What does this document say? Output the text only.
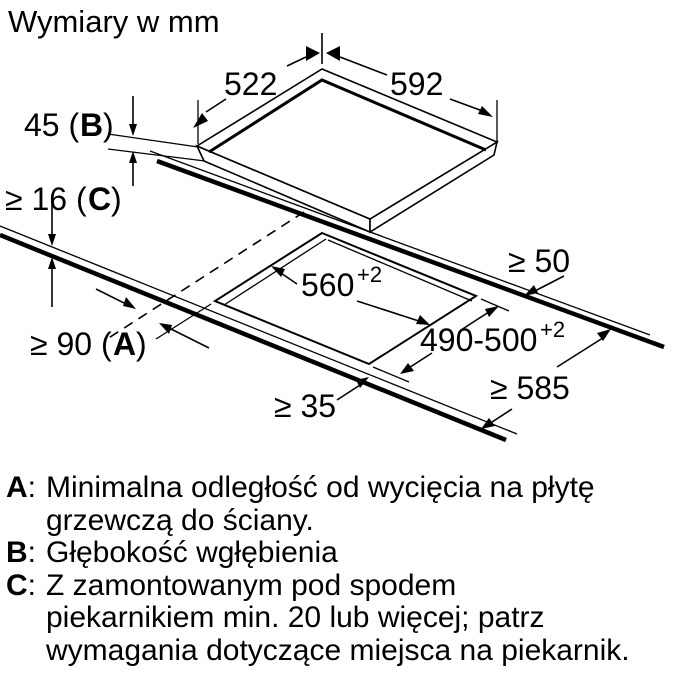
Wymiary w mm
522	592
45 ( B )
≥ 16 ( C )
≥ 90 ( A )
560 +2
490-500 +2
≥ 50
≥ 585
≥ 35
A: Minimalna odległość od wycięcia na płytę
grzewczą do ściany.
B: Głębokość wgłębienia
C: Z zamontowanym pod spodem
piekarnikiem min. 20 lub więcej; patrz
wymagania dotyczące miejsca na piekarnik.
